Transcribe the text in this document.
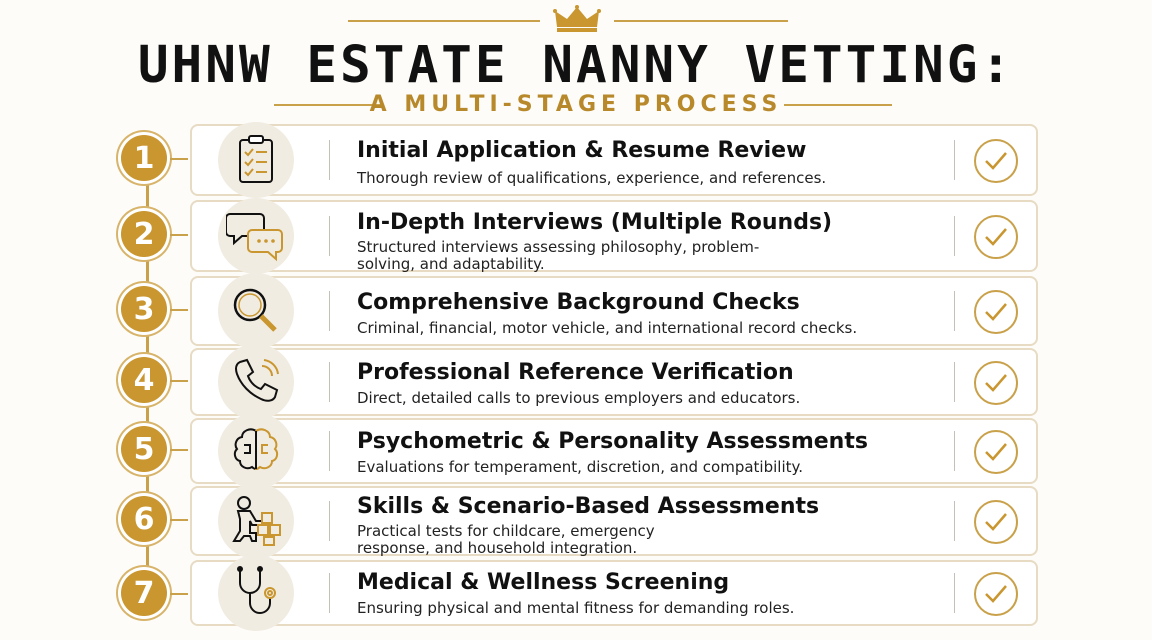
UHNW ESTATE NANNY VETTING:
A MULTI-STAGE PROCESS
1	Initial Application & Resume Review
Thorough review of qualifications, experience, and references.
2	In-Depth Interviews (Multiple Rounds)
Structured interviews assessing philosophy, problem-solving, and adaptability.
3	Comprehensive Background Checks
Criminal, financial, motor vehicle, and international record checks.
4	Professional Reference Verification
Direct, detailed calls to previous employers and educators.
5	Psychometric & Personality Assessments
Evaluations for temperament, discretion, and compatibility.
6	Skills & Scenario-Based Assessments
Practical tests for childcare, emergency response, and household integration.
7	Medical & Wellness Screening
Ensuring physical and mental fitness for demanding roles.
